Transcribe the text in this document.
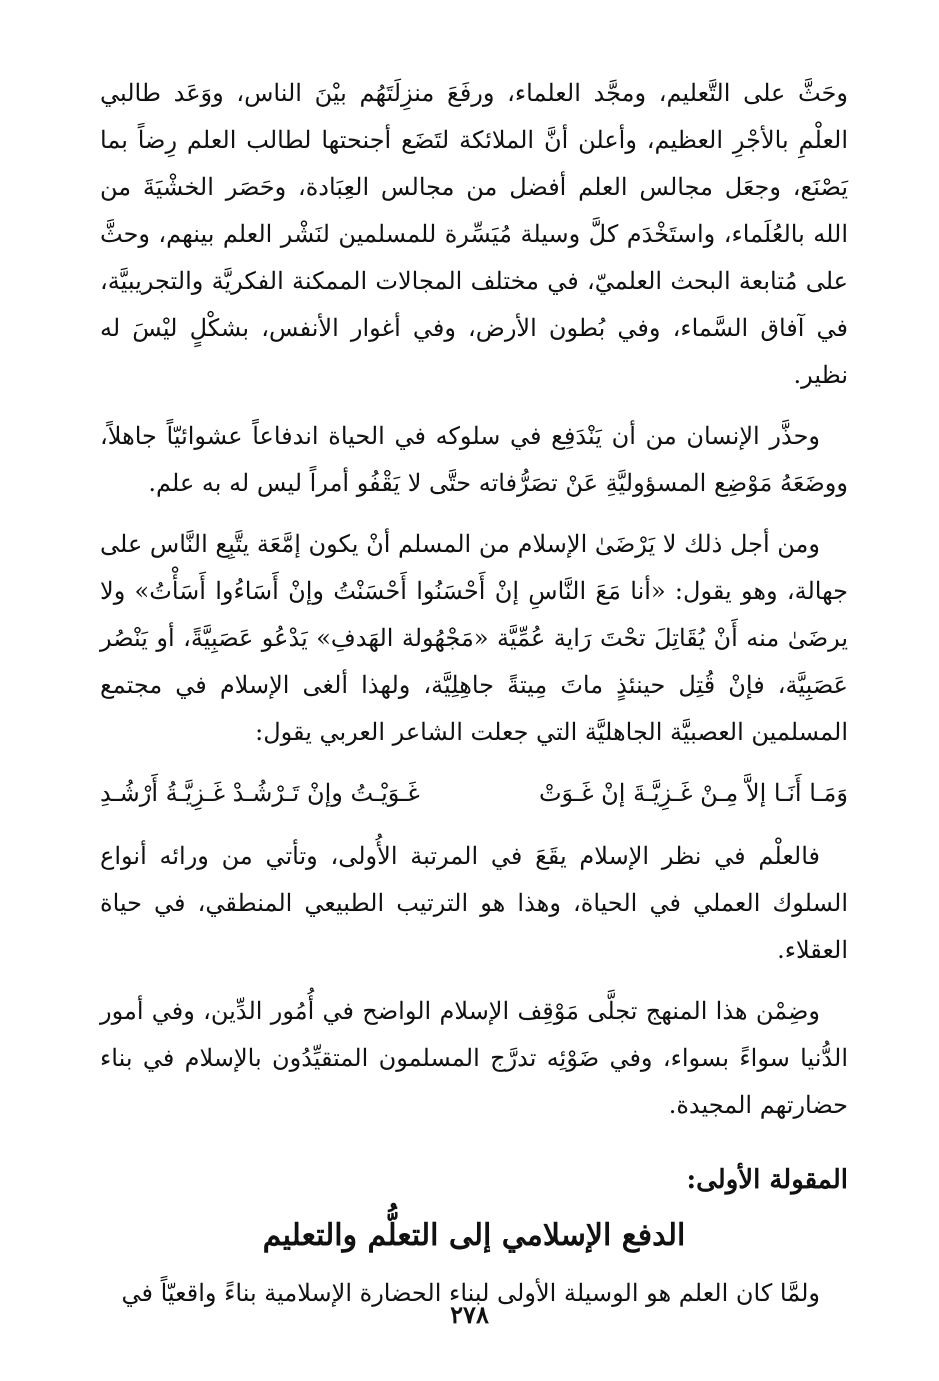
وحَثَّ على التَّعليم، ومجَّد العلماء، ورفَعَ منزِلَتَهُم بيْنَ الناس، ووَعَد طالبي العلْمِ بالأجْرِ العظيم، وأعلن أنَّ الملائكة لتَضَع أجنحتها لطالب العلم رِضاً بما يَصْنَع، وجعَل مجالس العلم أفضل من مجالس العِبَادة، وحَصَر الخشْيَةَ من الله بالعُلَماء، واستَخْدَم كلَّ وسيلة مُيَسِّرة للمسلمين لنَشْر العلم بينهم، وحثَّ على مُتابعة البحث العلميّ، في مختلف المجالات الممكنة الفكريَّة والتجريبيَّة، في آفاق السَّماء، وفي بُطون الأرض، وفي أغوار الأنفس، بشكْلٍ ليْسَ له نظير.

وحذَّر الإنسان من أن يَنْدَفِع في سلوكه في الحياة اندفاعاً عشوائيّاً جاهلاً، ووضَعَهُ مَوْضِع المسؤوليَّةِ عَنْ تصَرُّفاته حتَّى لا يَقْفُو أمراً ليس له به علم.

ومن أجل ذلك لا يَرْضَىٰ الإسلام من المسلم أنْ يكون إمَّعَة يتَّبِع النَّاس على جهالة، وهو يقول: «أنا مَعَ النَّاسِ إنْ أَحْسَنُوا أَحْسَنْتُ وإنْ أَسَاءُوا أَسَأْتُ» ولا يرضَىٰ منه أَنْ يُقَاتِلَ تحْتَ رَاية عُمِّيَّة «مَجْهُولة الهَدفِ» يَدْعُو عَصَبِيَّةً، أو يَنْصُر عَصَبِيَّة، فإنْ قُتِل حينئذٍ ماتَ مِيتةً جاهِلِيَّة، ولهذا ألغى الإسلام في مجتمع المسلمين العصبيَّة الجاهليَّة التي جعلت الشاعر العربي يقول:

وَمَـا أَنَـا إلاَّ مِـنْ غَـزِيَّـةَ إنْ غَـوَتْ
غَـوَيْـتُ وإنْ تَـرْشُـدْ غَـزِيَّـةُ أَرْشُـدِ

فالعلْم في نظر الإسلام يقَعَ في المرتبة الأُولى، وتأتي من ورائه أنواع السلوك العملي في الحياة، وهذا هو الترتيب الطبيعي المنطقي، في حياة العقلاء.

وضِمْن هذا المنهج تجلَّى مَوْقِف الإسلام الواضح في أُمُور الدِّين، وفي أمور الدُّنيا سواءً بسواء، وفي ضَوْئِه تدرَّج المسلمون المتقيِّدُون بالإسلام في بناء حضارتهم المجيدة.

المقولة الأولى:
الدفع الإسلامي إلى التعلُّم والتعليم

ولمَّا كان العلم هو الوسيلة الأولى لبناء الحضارة الإسلامية بناءً واقعيّاً في

٢٧٨
